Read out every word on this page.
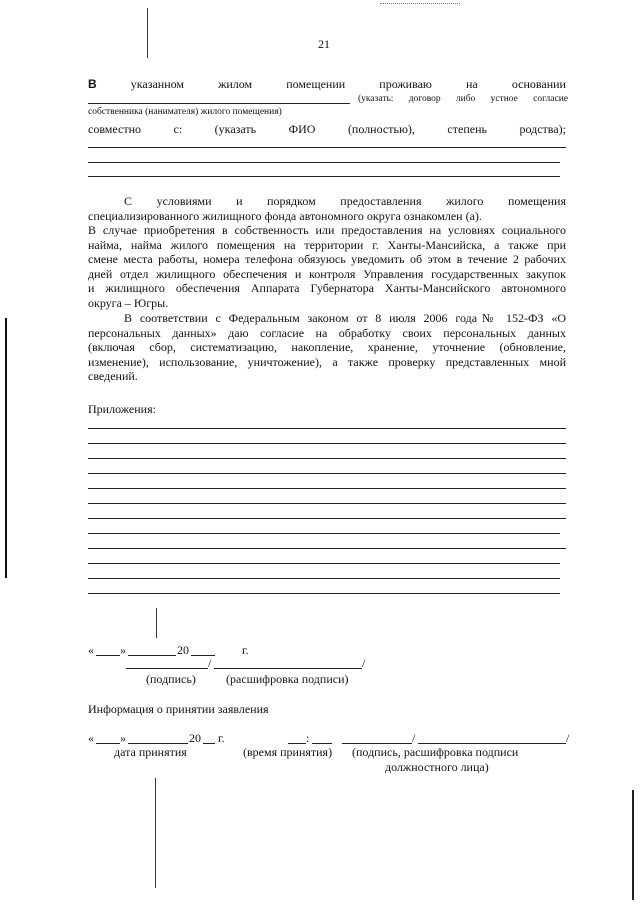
21
В	указанном	жилом	помещении	проживаю	на	основании
(указать: договор либо устное согласие
собственника (нанимателя) жилого помещения)
совместно	с:	(указать	ФИО	(полностью),	степень	родства);
С условиями и порядком предоставления жилого помещения
специализированного жилищного фонда автономного округа ознакомлен (а).
В случае приобретения в собственность или предоставления на условиях социального
найма, найма жилого помещения на территории г. Ханты-Мансийска, а также при
смене места работы, номера телефона обязуюсь уведомить об этом в течение 2 рабочих
дней отдел жилищного обеспечения и контроля Управления государственных закупок
и жилищного обеспечения Аппарата Губернатора Ханты-Мансийского автономного
округа – Югры.
В соответствии с Федеральным законом от 8 июля 2006 года№ 152-ФЗ «О
персональных данных» даю согласие на обработку своих персональных данных
(включая сбор, систематизацию, накопление, хранение, уточнение (обновление,
изменение), использование, уничтожение), а также проверку представленных мной
сведений.
Приложения:
« »	20	г.
/	/
(подпись)	(расшифровка подписи)
Информация о принятии заявления
« »	20 г.	:	/	/
дата принятия	(время принятия) (подпись, расшифровка подписи
должностного лица)
